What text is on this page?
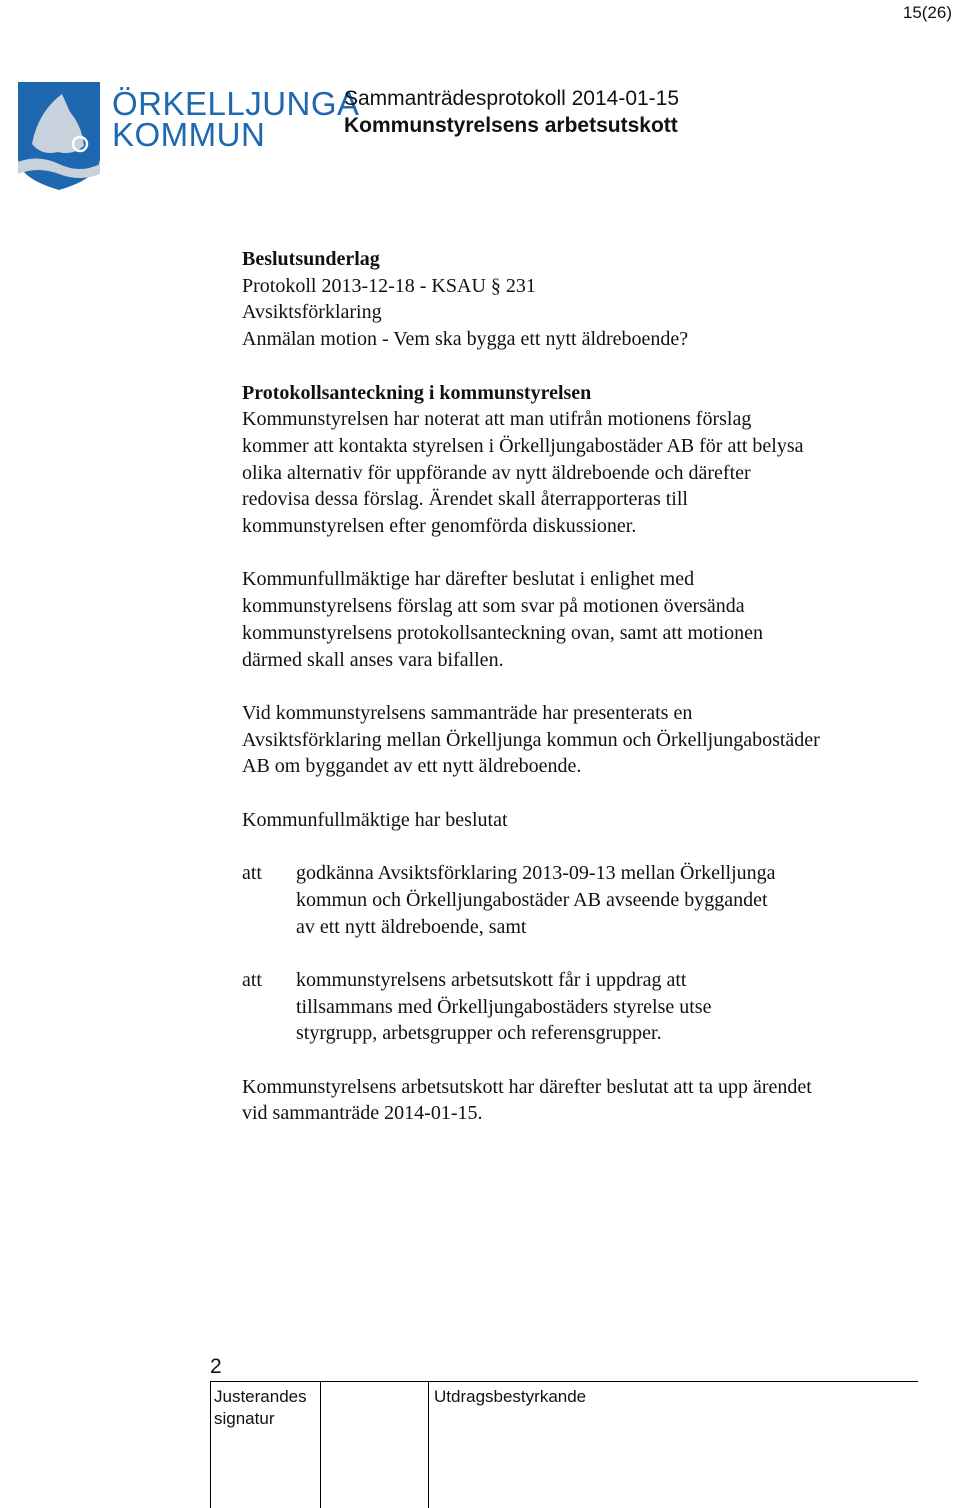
15(26)
ÖRKELLJUNGA
KOMMUN
Sammanträdesprotokoll 2014-01-15
Kommunstyrelsens arbetsutskott

Beslutsunderlag

Protokoll 2013-12-18 - KSAU § 231

Avsiktsförklaring

Anmälan motion - Vem ska bygga ett nytt äldreboende?

Protokollsanteckning i kommunstyrelsen

Kommunstyrelsen har noterat att man utifrån motionens förslag

kommer att kontakta styrelsen i Örkelljungabostäder AB för att belysa

olika alternativ för uppförande av nytt äldreboende och därefter

redovisa dessa förslag. Ärendet skall återrapporteras till

kommunstyrelsen efter genomförda diskussioner.

Kommunfullmäktige har därefter beslutat i enlighet med

kommunstyrelsens förslag att som svar på motionen översända

kommunstyrelsens protokollsanteckning ovan, samt att motionen

därmed skall anses vara bifallen.

Vid kommunstyrelsens sammanträde har presenterats en

Avsiktsförklaring mellan Örkelljunga kommun och Örkelljungabostäder

AB om byggandet av ett nytt äldreboende.

Kommunfullmäktige har beslutat

att	godkänna Avsiktsförklaring 2013-09-13 mellan Örkelljunga

kommun och Örkelljungabostäder AB avseende byggandet

av ett nytt äldreboende, samt

att	kommunstyrelsens arbetsutskott får i uppdrag att

tillsammans med Örkelljungabostäders styrelse utse

styrgrupp, arbetsgrupper och referensgrupper.

Kommunstyrelsens arbetsutskott har därefter beslutat att ta upp ärendet

vid sammanträde 2014-01-15.

2
Justerandes
signatur
Utdragsbestyrkande
